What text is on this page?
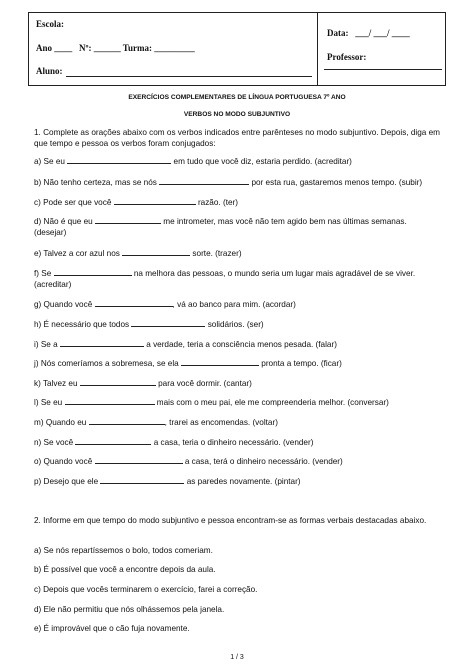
Escola:
Ano ____   Nº: ______ Turma: _________
Aluno:
Data:   ___/ ___/ ____
Professor:
EXERCÍCIOS COMPLEMENTARES DE LÍNGUA PORTUGUESA 7º ANO
VERBOS NO MODO SUBJUNTIVO
1. Complete as orações abaixo com os verbos indicados entre parênteses no modo subjuntivo. Depois, diga em que tempo e pessoa os verbos foram conjugados:
a) Se eu	em tudo que você diz, estaria perdido. (acreditar)
b) Não tenho certeza, mas se nós	por esta rua, gastaremos menos tempo. (subir)
c) Pode ser que você	razão. (ter)
d) Não é que eu	me intrometer, mas você não tem agido bem nas últimas semanas.
(desejar)
e) Talvez a cor azul nos	sorte. (trazer)
f) Se	na melhora das pessoas, o mundo seria um lugar mais agradável de se viver.
(acreditar)
g) Quando você	, vá ao banco para mim. (acordar)
h) É necessário que todos	solidários. (ser)
i) Se a	a verdade, teria a consciência menos pesada. (falar)
j) Nós comeríamos a sobremesa, se ela	pronta a tempo. (ficar)
k) Talvez eu	para você dormir. (cantar)
l) Se eu	mais com o meu pai, ele me compreenderia melhor. (conversar)
m) Quando eu	, trarei as encomendas. (voltar)
n) Se você	a casa, teria o dinheiro necessário. (vender)
o) Quando você	a casa, terá o dinheiro necessário. (vender)
p) Desejo que ele	as paredes novamente. (pintar)
2. Informe em que tempo do modo subjuntivo e pessoa encontram-se as formas verbais destacadas abaixo.
a) Se nós repartíssemos o bolo, todos comeriam.
b) É possível que você a encontre depois da aula.
c) Depois que vocês terminarem o exercício, farei a correção.
d) Ele não permitiu que nós olhássemos pela janela.
e) É improvável que o cão fuja novamente.
1 / 3
